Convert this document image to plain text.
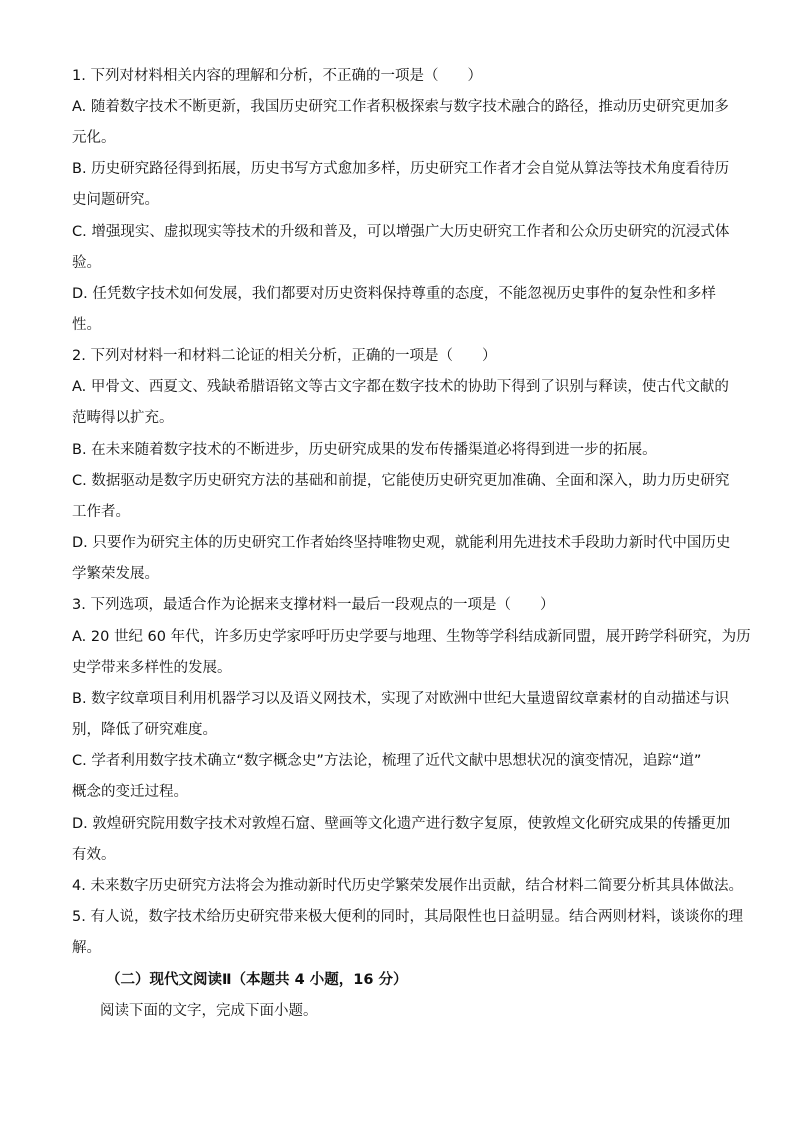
1. 下列对材料相关内容的理解和分析，不正确的一项是（　　）
A. 随着数字技术不断更新，我国历史研究工作者积极探索与数字技术融合的路径，推动历史研究更加多
元化。
B. 历史研究路径得到拓展，历史书写方式愈加多样，历史研究工作者才会自觉从算法等技术角度看待历
史问题研究。
C. 增强现实、虚拟现实等技术的升级和普及，可以增强广大历史研究工作者和公众历史研究的沉浸式体
验。
D. 任凭数字技术如何发展，我们都要对历史资料保持尊重的态度，不能忽视历史事件的复杂性和多样
性。
2. 下列对材料一和材料二论证的相关分析，正确的一项是（　　）
A. 甲骨文、西夏文、残缺希腊语铭文等古文字都在数字技术的协助下得到了识别与释读，使古代文献的
范畴得以扩充。
B. 在未来随着数字技术的不断进步，历史研究成果的发布传播渠道必将得到进一步的拓展。
C. 数据驱动是数字历史研究方法的基础和前提，它能使历史研究更加准确、全面和深入，助力历史研究
工作者。
D. 只要作为研究主体的历史研究工作者始终坚持唯物史观，就能利用先进技术手段助力新时代中国历史
学繁荣发展。
3. 下列选项，最适合作为论据来支撑材料一最后一段观点的一项是（　　）
A. 20 世纪 60 年代，许多历史学家呼吁历史学要与地理、生物等学科结成新同盟，展开跨学科研究，为历
史学带来多样性的发展。
B. 数字纹章项目利用机器学习以及语义网技术，实现了对欧洲中世纪大量遗留纹章素材的自动描述与识
别，降低了研究难度。
C. 学者利用数字技术确立“数字概念史”方法论，梳理了近代文献中思想状况的演变情况，追踪“道”
概念的变迁过程。
D. 敦煌研究院用数字技术对敦煌石窟、壁画等文化遗产进行数字复原，使敦煌文化研究成果的传播更加
有效。
4. 未来数字历史研究方法将会为推动新时代历史学繁荣发展作出贡献，结合材料二简要分析其具体做法。
5. 有人说，数字技术给历史研究带来极大便利的同时，其局限性也日益明显。结合两则材料，谈谈你的理
解。
（二）现代文阅读Ⅱ（本题共 4 小题，16 分）
阅读下面的文字，完成下面小题。
